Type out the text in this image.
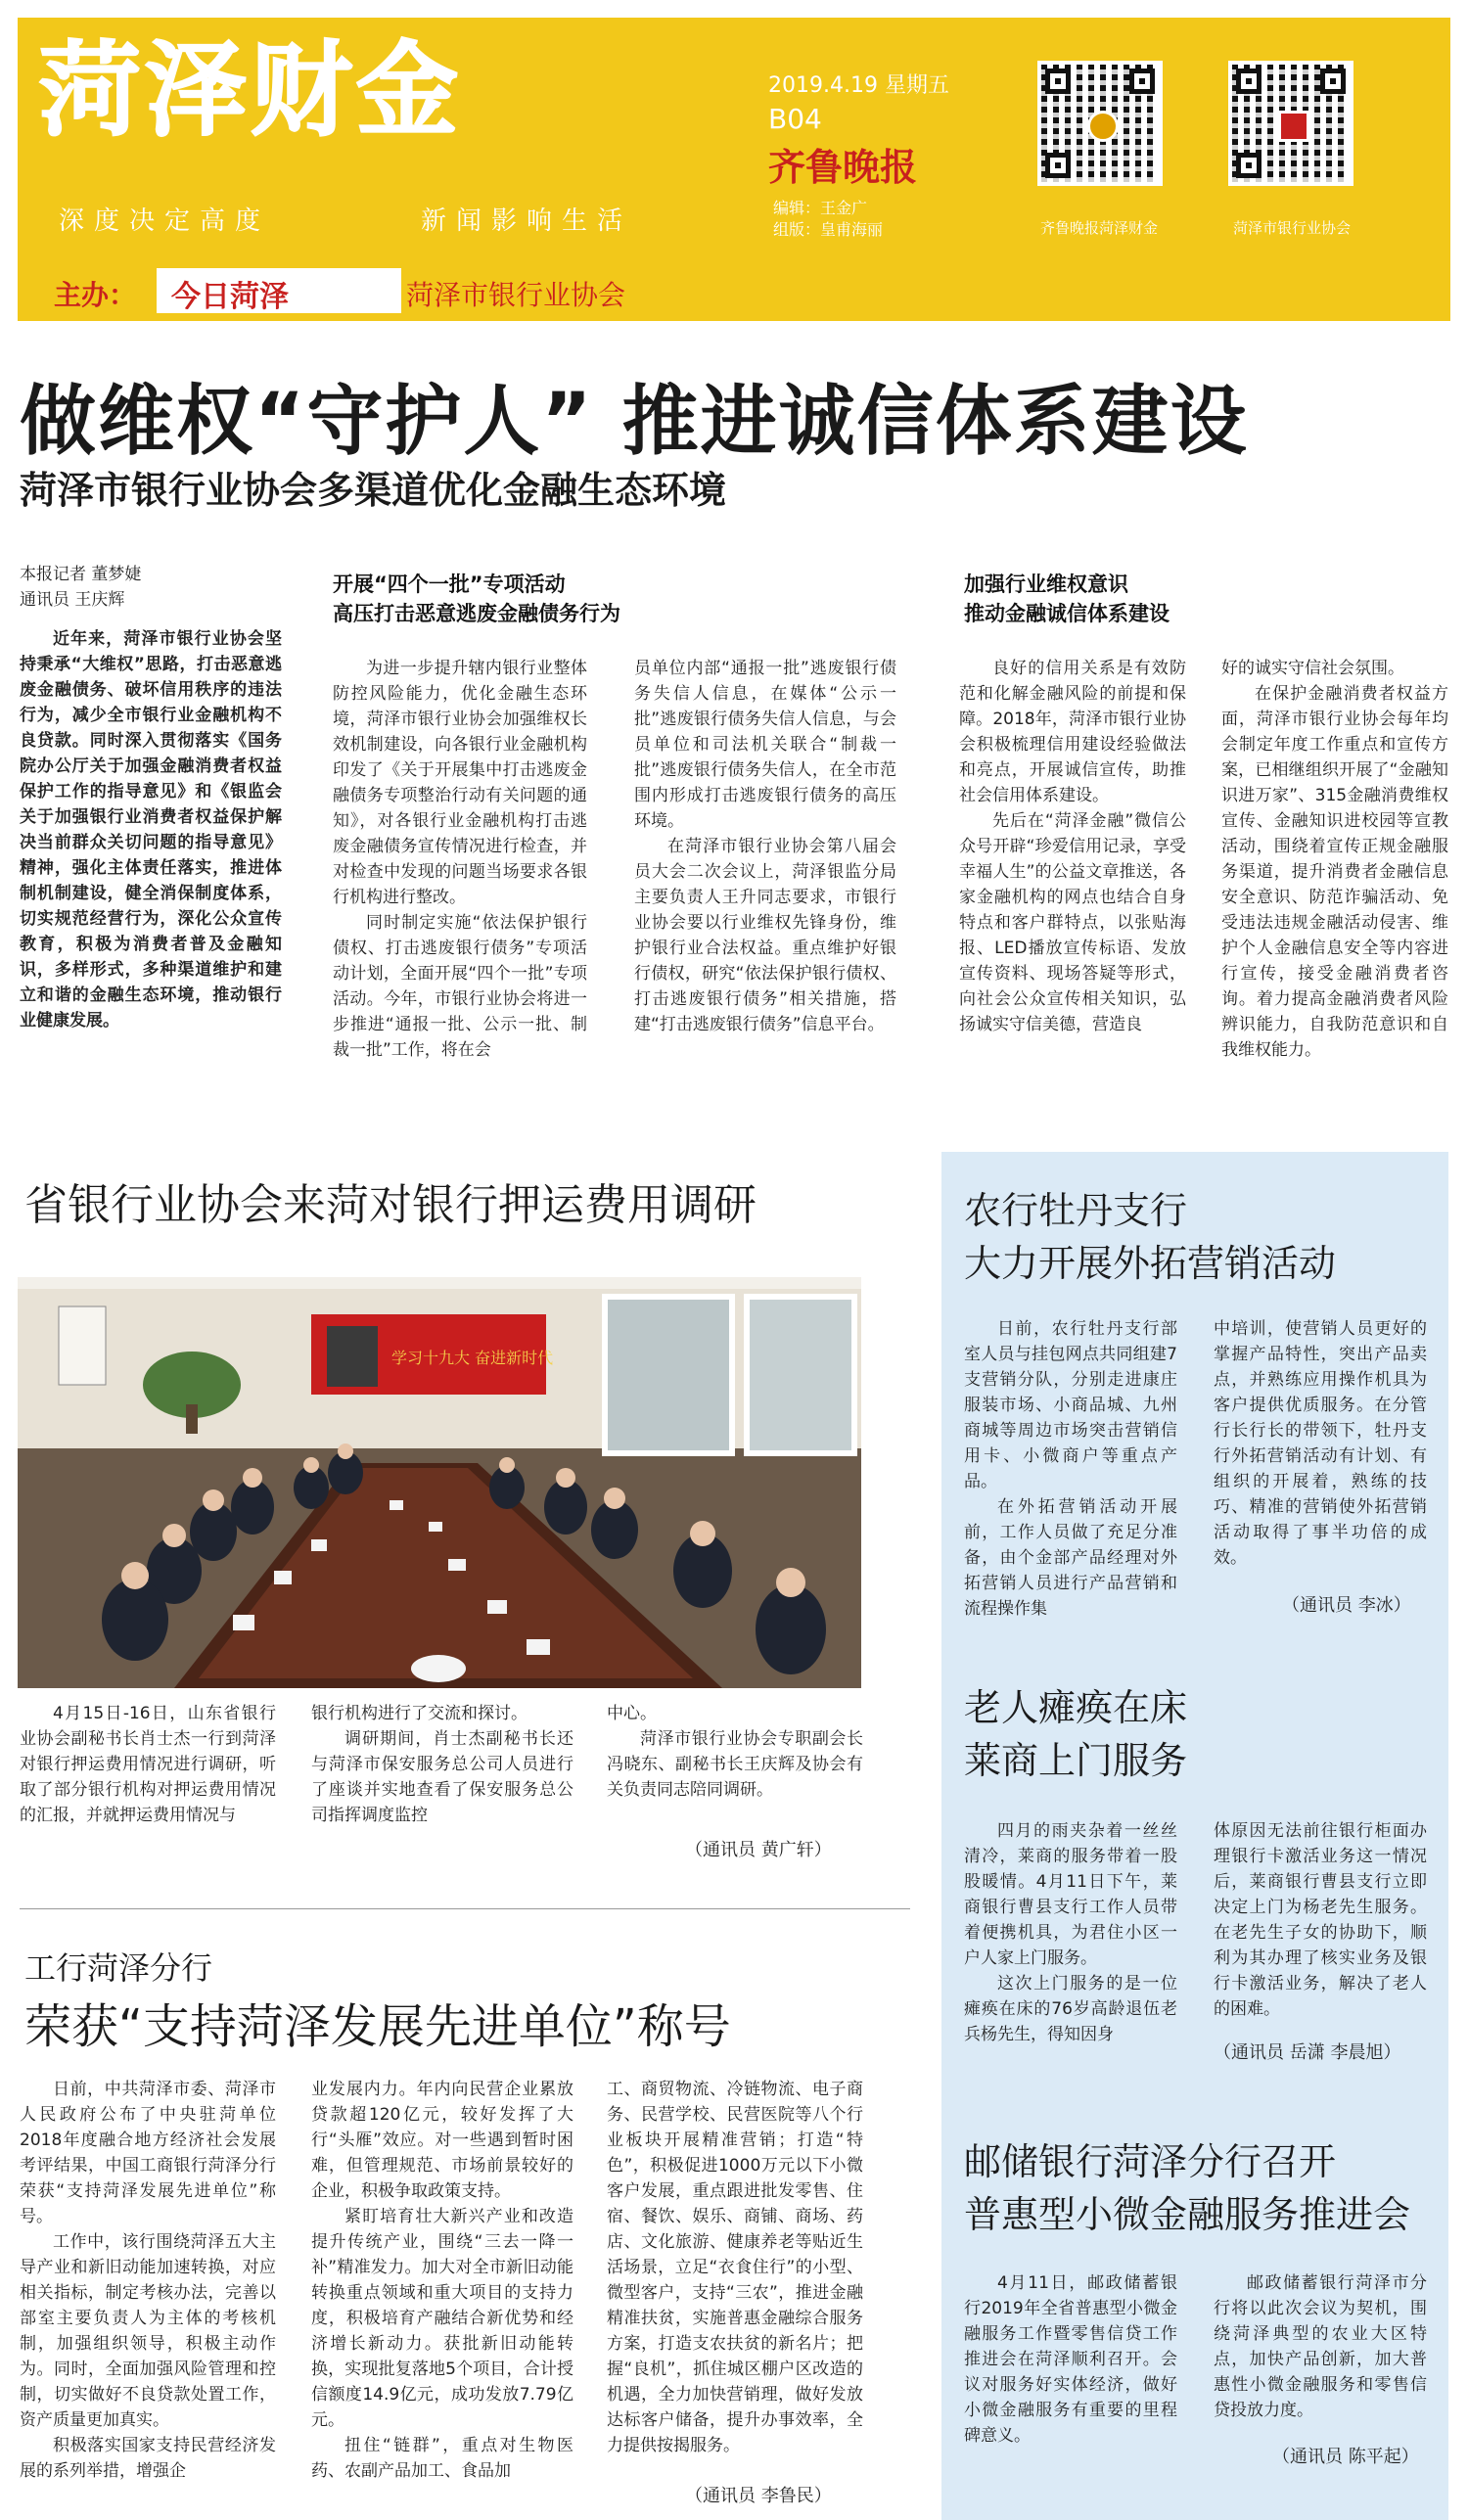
菏泽财金
深度决定高度	新闻影响生活
2019.4.19 星期五
B04
齐鲁晚报
编辑：王金广
组版：皇甫海丽	齐鲁晚报菏泽财金	菏泽市银行业协会
主办： 今日菏泽	菏泽市银行业协会
做维权“守护人” 推进诚信体系建设
菏泽市银行业协会多渠道优化金融生态环境
本报记者 董梦婕
通讯员 王庆辉

近年来，菏泽市银行业协会坚持秉承“大维权”思路，打击恶意逃废金融债务、破坏信用秩序的违法行为，减少全市银行业金融机构不良贷款。同时深入贯彻落实《国务院办公厅关于加强金融消费者权益保护工作的指导意见》和《银监会关于加强银行业消费者权益保护解决当前群众关切问题的指导意见》精神，强化主体责任落实，推进体制机制建设，健全消保制度体系，切实规范经营行为，深化公众宣传教育，积极为消费者普及金融知识，多样形式，多种渠道维护和建立和谐的金融生态环境，推动银行业健康发展。

开展“四个一批”专项活动
高压打击恶意逃废金融债务行为

为进一步提升辖内银行业整体防控风险能力，优化金融生态环境，菏泽市银行业协会加强维权长效机制建设，向各银行业金融机构印发了《关于开展集中打击逃废金融债务专项整治行动有关问题的通知》，对各银行业金融机构打击逃废金融债务宣传情况进行检查，并对检查中发现的问题当场要求各银行机构进行整改。

同时制定实施“依法保护银行债权、打击逃废银行债务”专项活动计划，全面开展“四个一批”专项活动。今年，市银行业协会将进一步推进“通报一批、公示一批、制裁一批”工作，将在会

员单位内部“通报一批”逃废银行债务失信人信息，在媒体“公示一批”逃废银行债务失信人信息，与会员单位和司法机关联合“制裁一批”逃废银行债务失信人，在全市范围内形成打击逃废银行债务的高压环境。

在菏泽市银行业协会第八届会员大会二次会议上，菏泽银监分局主要负责人王升同志要求，市银行业协会要以行业维权先锋身份，维护银行业合法权益。重点维护好银行债权，研究“依法保护银行债权、打击逃废银行债务”相关措施，搭建“打击逃废银行债务”信息平台。

加强行业维权意识
推动金融诚信体系建设

良好的信用关系是有效防范和化解金融风险的前提和保障。2018年，菏泽市银行业协会积极梳理信用建设经验做法和亮点，开展诚信宣传，助推社会信用体系建设。

先后在“菏泽金融”微信公众号开辟“珍爱信用记录，享受幸福人生”的公益文章推送，各家金融机构的网点也结合自身特点和客户群特点，以张贴海报、LED播放宣传标语、发放宣传资料、现场答疑等形式，向社会公众宣传相关知识，弘扬诚实守信美德，营造良

好的诚实守信社会氛围。

在保护金融消费者权益方面，菏泽市银行业协会每年均会制定年度工作重点和宣传方案，已相继组织开展了“金融知识进万家”、315金融消费维权宣传、金融知识进校园等宣教活动，围绕着宣传正规金融服务渠道，提升消费者金融信息安全意识、防范诈骗活动、免受违法违规金融活动侵害、维护个人金融信息安全等内容进行宣传，接受金融消费者咨询。着力提高金融消费者风险辨识能力，自我防范意识和自我维权能力。

省银行业协会来菏对银行押运费用调研
学习十九大 奋进新时代

4月15日-16日，山东省银行业协会副秘书长肖士杰一行到菏泽对银行押运费用情况进行调研，听取了部分银行机构对押运费用情况的汇报，并就押运费用情况与

银行机构进行了交流和探讨。

调研期间，肖士杰副秘书长还与菏泽市保安服务总公司人员进行了座谈并实地查看了保安服务总公司指挥调度监控

中心。

菏泽市银行业协会专职副会长冯晓东、副秘书长王庆辉及协会有关负责同志陪同调研。

（通讯员 黄广轩）
工行菏泽分行
荣获“支持菏泽发展先进单位”称号

日前，中共菏泽市委、菏泽市人民政府公布了中央驻菏单位2018年度融合地方经济社会发展考评结果，中国工商银行菏泽分行荣获“支持菏泽发展先进单位”称号。

工作中，该行围绕菏泽五大主导产业和新旧动能加速转换，对应相关指标，制定考核办法，完善以部室主要负责人为主体的考核机制，加强组织领导，积极主动作为。同时，全面加强风险管理和控制，切实做好不良贷款处置工作，资产质量更加真实。

积极落实国家支持民营经济发展的系列举措，增强企

业发展内力。年内向民营企业累放贷款超120亿元，较好发挥了大行“头雁”效应。对一些遇到暂时困难，但管理规范、市场前景较好的企业，积极争取政策支持。

紧盯培育壮大新兴产业和改造提升传统产业，围绕“三去一降一补”精准发力。加大对全市新旧动能转换重点领域和重大项目的支持力度，积极培育产融结合新优势和经济增长新动力。获批新旧动能转换，实现批复落地5个项目，合计授信额度14.9亿元，成功发放7.79亿元。

扭住“链群”，重点对生物医药、农副产品加工、食品加

工、商贸物流、冷链物流、电子商务、民营学校、民营医院等八个行业板块开展精准营销；打造“特色”，积极促进1000万元以下小微客户发展，重点跟进批发零售、住宿、餐饮、娱乐、商铺、商场、药店、文化旅游、健康养老等贴近生活场景，立足“衣食住行”的小型、微型客户，支持“三农”，推进金融精准扶贫，实施普惠金融综合服务方案，打造支农扶贫的新名片；把握“良机”，抓住城区棚户区改造的机遇，全力加快营销理，做好发放达标客户储备，提升办事效率，全力提供按揭服务。

（通讯员 李鲁民）
农行牡丹支行
大力开展外拓营销活动

日前，农行牡丹支行部室人员与挂包网点共同组建7支营销分队，分别走进康庄服装市场、小商品城、九州商城等周边市场突击营销信用卡、小微商户等重点产品。

在外拓营销活动开展前，工作人员做了充足分准备，由个金部产品经理对外拓营销人员进行产品营销和流程操作集

中培训，使营销人员更好的掌握产品特性，突出产品卖点，并熟练应用操作机具为客户提供优质服务。在分管行长行长的带领下，牡丹支行外拓营销活动有计划、有组织的开展着，熟练的技巧、精准的营销使外拓营销活动取得了事半功倍的成效。

（通讯员 李冰）
老人瘫痪在床
莱商上门服务

四月的雨夹杂着一丝丝清冷，莱商的服务带着一股股暖情。4月11日下午，莱商银行曹县支行工作人员带着便携机具，为君住小区一户人家上门服务。

这次上门服务的是一位瘫痪在床的76岁高龄退伍老兵杨先生，得知因身

体原因无法前往银行柜面办理银行卡激活业务这一情况后，莱商银行曹县支行立即决定上门为杨老先生服务。在老先生子女的协助下，顺利为其办理了核实业务及银行卡激活业务，解决了老人的困难。

（通讯员 岳潇 李晨旭）
邮储银行菏泽分行召开
普惠型小微金融服务推进会

4月11日，邮政储蓄银行2019年全省普惠型小微金融服务工作暨零售信贷工作推进会在菏泽顺利召开。会议对服务好实体经济，做好小微金融服务有重要的里程碑意义。

邮政储蓄银行菏泽市分行将以此次会议为契机，围绕菏泽典型的农业大区特点，加快产品创新，加大普惠性小微金融服务和零售信贷投放力度。

（通讯员 陈平起）
